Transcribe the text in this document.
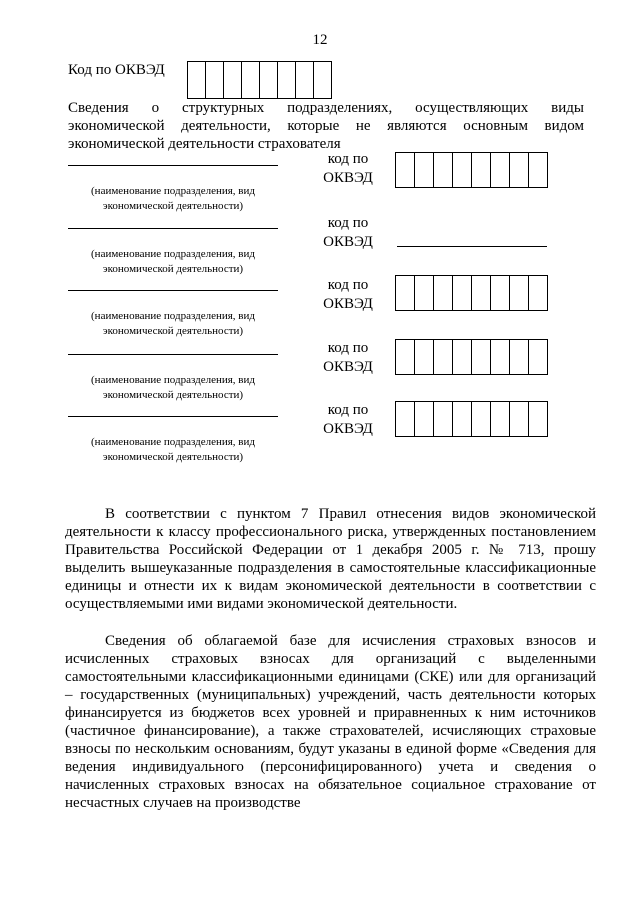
12
Код по ОКВЭД
Сведения о структурных подразделениях, осуществляющих виды экономической деятельности, которые не являются основным видом экономической деятельности страхователя
(наименование подразделения, вид экономической деятельности)
код по
ОКВЭД
(наименование подразделения, вид экономической деятельности)
код по
ОКВЭД
(наименование подразделения, вид экономической деятельности)
код по
ОКВЭД
(наименование подразделения, вид экономической деятельности)
код по
ОКВЭД
(наименование подразделения, вид экономической деятельности)
код по
ОКВЭД
В соответствии с пунктом 7 Правил отнесения видов экономической деятельности к классу профессионального риска, утвержденных постановлением Правительства Российской Федерации от 1 декабря 2005 г. № 713, прошу выделить вышеуказанные подразделения в самостоятельные классификационные единицы и отнести их к видам экономической деятельности в соответствии с осуществляемыми ими видами экономической деятельности.
Сведения об облагаемой базе для исчисления страховых взносов и исчисленных страховых взносах для организаций с выделенными самостоятельными классификационными единицами (СКЕ) или для организаций – государственных (муниципальных) учреждений, часть деятельности которых финансируется из бюджетов всех уровней и приравненных к ним источников (частичное финансирование), а также страхователей, исчисляющих страховые взносы по нескольким основаниям, будут указаны в единой форме «Сведения для ведения индивидуального (персонифицированного) учета и сведения о начисленных страховых взносах на обязательное социальное страхование от несчастных случаев на производстве
